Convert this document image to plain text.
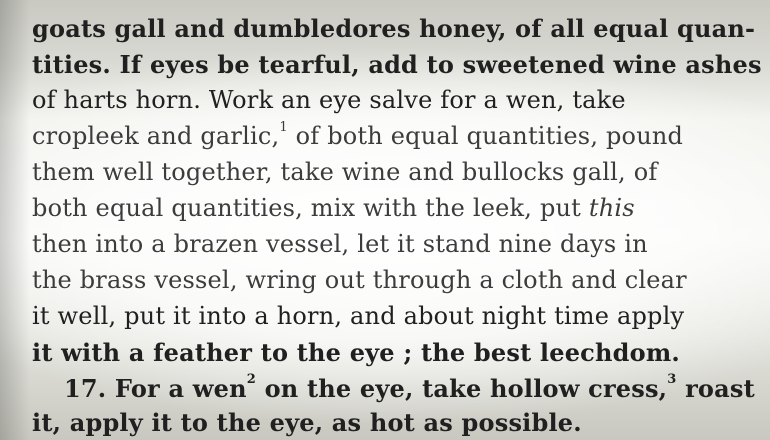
goats gall and dumbledores honey, of all equal quan-
tities. If eyes be tearful, add to sweetened wine ashes
of harts horn. Work an eye salve for a wen, take
cropleek and garlic,$^1$ of both equal quantities, pound
them well together, take wine and bullocks gall, of
both equal quantities, mix with the leek, put this
then into a brazen vessel, let it stand nine days in
the brass vessel, wring out through a cloth and clear
it well, put it into a horn, and about night time apply
it with a feather to the eye ; the best leechdom.
17. For a wen$^2$ on the eye, take hollow cress,$^3$ roast
it, apply it to the eye, as hot as possible.
